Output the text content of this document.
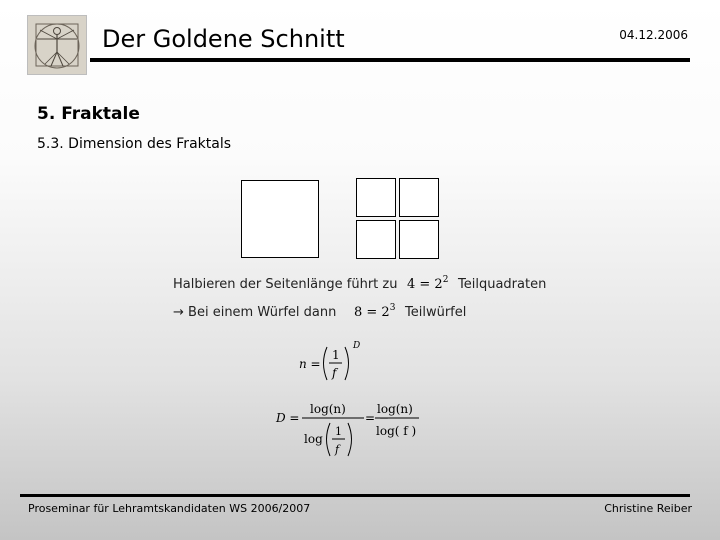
Der Goldene Schnitt	04.12.2006
5. Fraktale
5.3. Dimension des Fraktals
Halbieren der Seitenlänge führt zu $4 = 2^2$ Teilquadraten
→ Bei einem Würfel dann $8 = 2^3$ Teilwürfel
n =
1
f
D
D =
log(n)
log
1
f
= −
log(n)
log( f )
Proseminar für Lehramtskandidaten WS 2006/2007	Christine Reiber
